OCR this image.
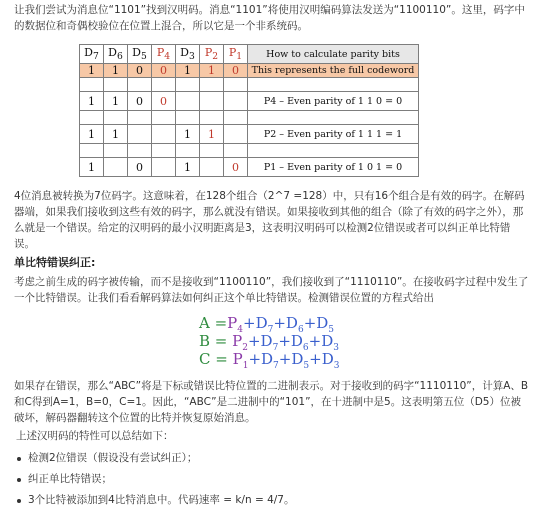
让我们尝试为消息位“1101”找到汉明码。消息“1101”将使用汉明编码算法发送为“1100110”。这里，码字中的数据位和奇偶校验位在位置上混合，所以它是一个非系统码。
$D_7$	$D_6$	$D_5$	$P_4$	$D_3$	$P_2$	$P_1$	How to calculate parity bits
1	1	0	0	1	1	0	This represents the full codeword

1	1	0	0				P4 – Even parity of 1 1 0 = 0

1	1			1	1		P2 – Even parity of 1 1 1 = 1

1		0		1		0	P1 – Even parity of 1 0 1 = 0
4位消息被转换为7位码字。这意味着，在128个组合（2^7 =128）中，只有16个组合是有效的码字。在解码器端，如果我们接收到这些有效的码字，那么就没有错误。如果接收到其他的组合（除了有效的码字之外），那么就是一个错误。给定的汉明码的最小汉明距离是3，这表明汉明码可以检测2位错误或者可以纠正单比特错误。
单比特错误纠正:
考虑之前生成的码字被传输，而不是接收到“1100110”，我们接收到了“1110110”。在接收码字过程中发生了一个比特错误。让我们看看解码算法如何纠正这个单比特错误。检测错误位置的方程式给出
$A =P_4+D_7+D_6+D_5$
$B = P_2+D_7+D_6+D_3$
$C = P_1+D_7+D_5+D_3$
如果存在错误，那么“ABC”将是下标或错误比特位置的二进制表示。对于接收到的码字“1110110”，计算A、B和C得到A=1，B=0，C=1。因此，“ABC”是二进制中的“101”，在十进制中是5。这表明第五位（D5）位被破坏，解码器翻转这个位置的比特并恢复原始消息。
上述汉明码的特性可以总结如下：
检测2位错误（假设没有尝试纠正）；
纠正单比特错误；
3个比特被添加到4比特消息中。代码速率 = k/n = 4/7。
